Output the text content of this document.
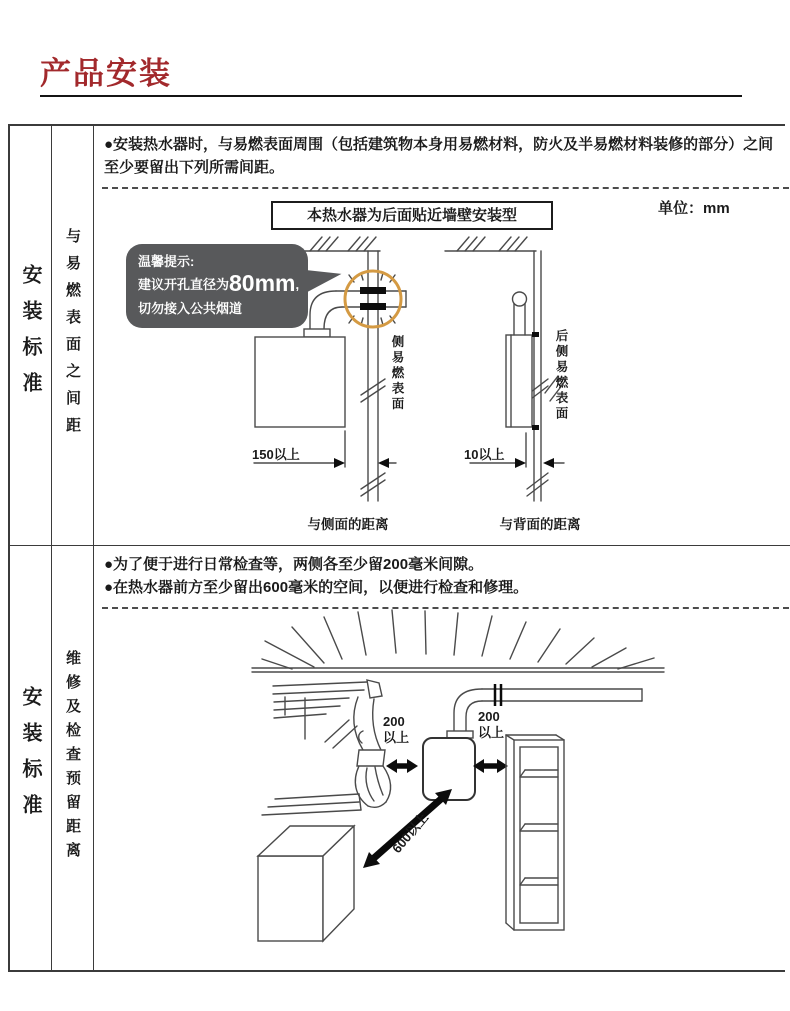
产品安装
安装标准 与易燃表面之间距

●安装热水器时，与易燃表面周围（包括建筑物本身用易燃材料，防火及半易燃材料装修的部分）之间至少要留出下列所需间距。

本热水器为后面贴近墙壁安装型	单位：mm
温馨提示:
建议开孔直径为80mm,
切勿接入公共烟道
侧易燃表面
150以上
与侧面的距离
后侧易燃表面
10以上
与背面的距离
安装标准 维修及检查预留距离

●为了便于进行日常检查等，两侧各至少留200毫米间隙。

●在热水器前方至少留出600毫米的空间，以便进行检查和修理。

200
以上
200
以上
600以上
